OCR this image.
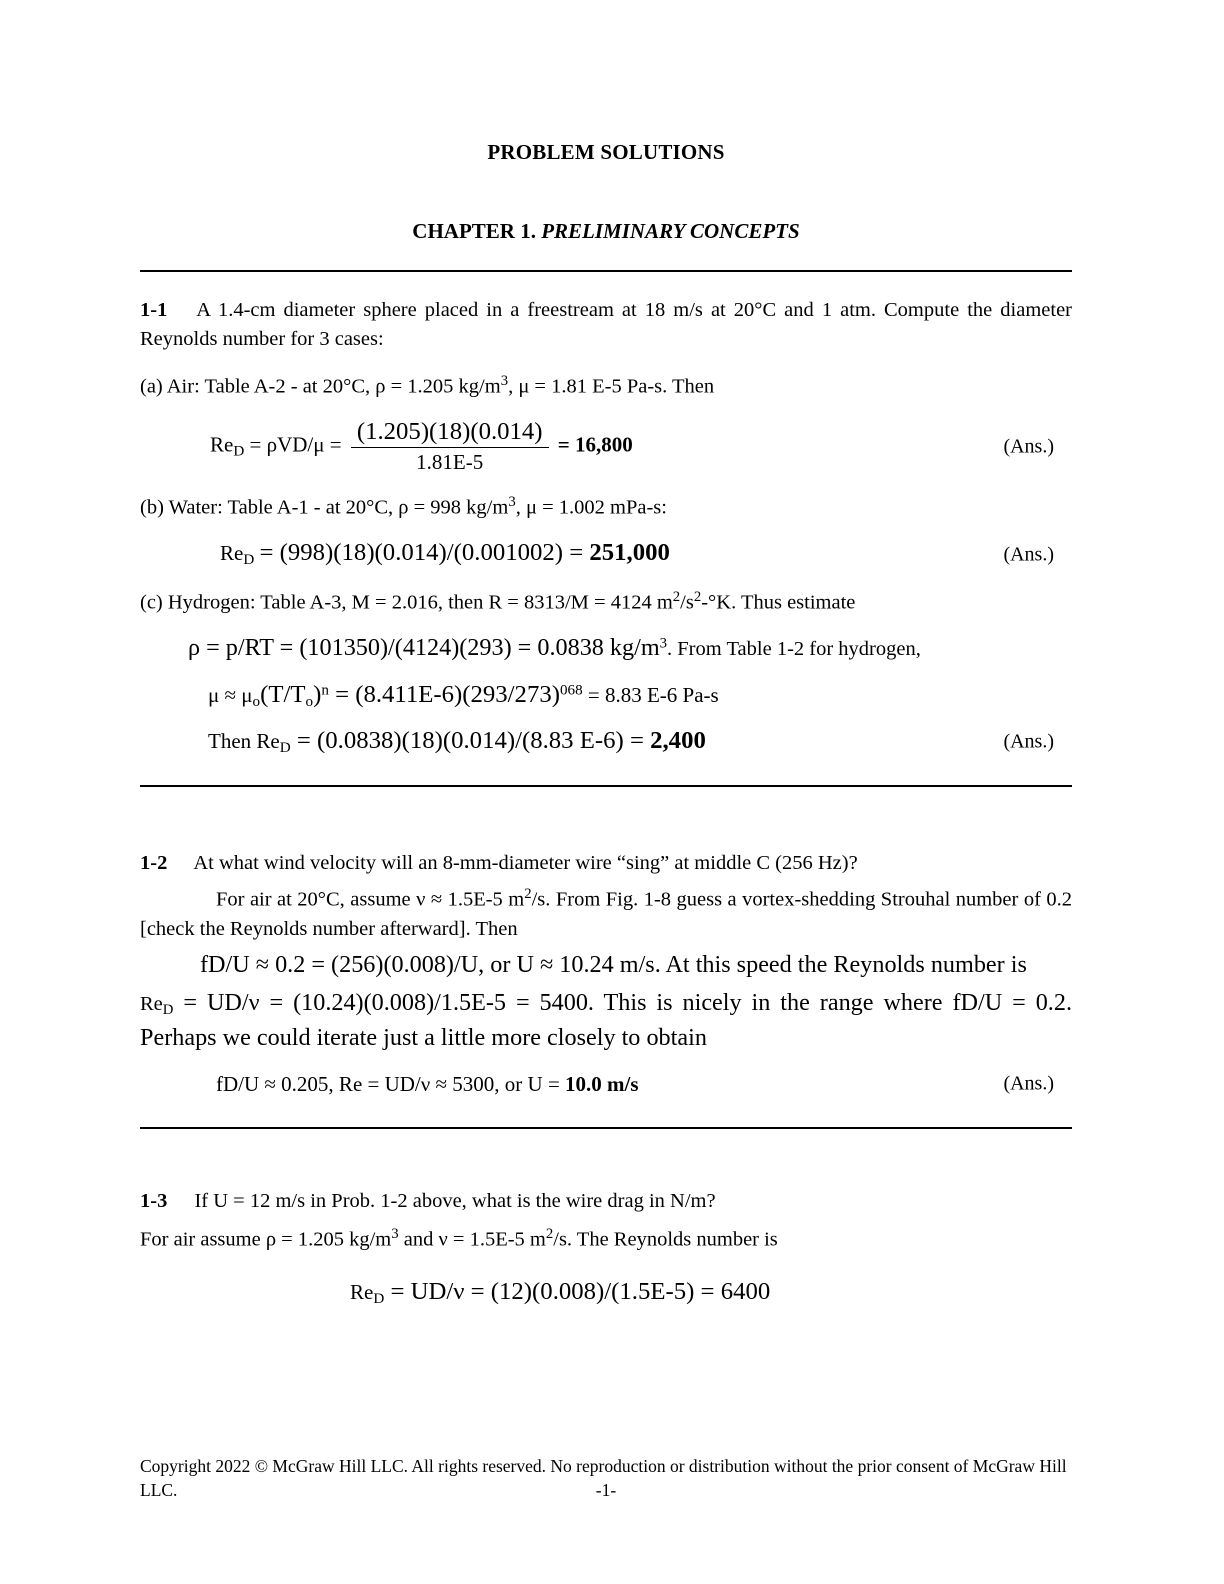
PROBLEM SOLUTIONS
CHAPTER 1. PRELIMINARY CONCEPTS
1-1 A 1.4-cm diameter sphere placed in a freestream at 18 m/s at 20°C and 1 atm. Compute the diameter Reynolds number for 3 cases:
(a) Air: Table A-2 - at 20°C, ρ = 1.205 $kg/m^3$, μ = 1.81 E-5 Pa-s. Then
$Re_D = \rho VD/\mu = \frac{(1.205)(18)(0.014)}{1.81E-5} = 16,800$	(Ans.)
(b) Water: Table A-1 - at 20°C, ρ = 998 $kg/m^3$, μ = 1.002 mPa-s:
$Re_D = (998)(18)(0.014)/(0.001002) = 251,000$	(Ans.)
(c) Hydrogen: Table A-3, M = 2.016, then R = 8313/M = 4124 $m^2/s^2-^\circ K$. Thus estimate
ρ = p/RT = (101350)/(4124)(293) = 0.0838 $kg/m^3$. From Table 1-2 for hydrogen,
$\mu \approx \mu_o(T/T_o)^n = (8.411E-6)(293/273)^{068} = 8.83$ E-6 Pa-s
Then $Re_D = (0.0838)(18)(0.014)/(8.83$ E-6) = 2,400	(Ans.)
1-2 At what wind velocity will an 8-mm-diameter wire “sing” at middle C (256 Hz)?
For air at 20°C, assume ν ≈ 1.5E-5 $m^2/s$. From Fig. 1-8 guess a vortex-shedding Strouhal number of 0.2 [check the Reynolds number afterward]. Then
fD/U ≈ 0.2 = (256)(0.008)/U, or U ≈ 10.24 m/s. At this speed the Reynolds number is
$Re_D = UD/\nu = (10.24)(0.008)/1.5E-5 = 5400$. This is nicely in the range where fD/U = 0.2. Perhaps we could iterate just a little more closely to obtain
fD/U ≈ 0.205, Re = UD/ν ≈ 5300, or U = 10.0 m/s	(Ans.)
1-3 If U = 12 m/s in Prob. 1-2 above, what is the wire drag in N/m?
For air assume ρ = 1.205 $kg/m^3$ and ν = 1.5E-5 $m^2/s$. The Reynolds number is
$Re_D = UD/\nu = (12)(0.008)/(1.5E-5) = 6400$
Copyright 2022 © McGraw Hill LLC. All rights reserved. No reproduction or distribution without the prior consent of McGraw Hill LLC.	-1-
